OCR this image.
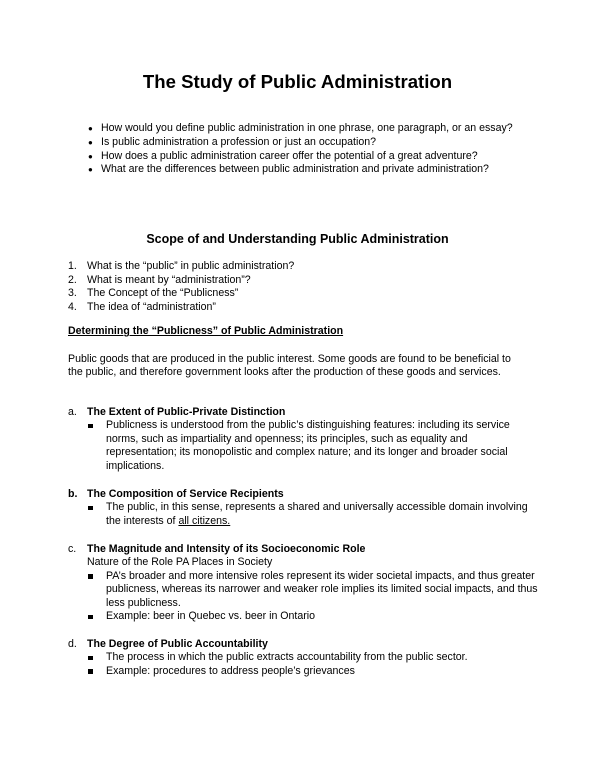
The Study of Public Administration
● How would you define public administration in one phrase, one paragraph, or an essay?
● Is public administration a profession or just an occupation?
● How does a public administration career offer the potential of a great adventure?
● What are the differences between public administration and private administration?
Scope of and Understanding Public Administration
1. What is the “public” in public administration?
2. What is meant by “administration”?
3. The Concept of the “Publicness”
4. The idea of “administration”
Determining the “Publicness” of Public Administration
Public goods that are produced in the public interest. Some goods are found to be beneficial to the public, and therefore government looks after the production of these goods and services.
a. The Extent of Public-Private Distinction
Publicness is understood from the public’s distinguishing features: including its service norms, such as impartiality and openness; its principles, such as equality and representation; its monopolistic and complex nature; and its longer and broader social implications.
b. The Composition of Service Recipients
The public, in this sense, represents a shared and universally accessible domain involving the interests of all citizens.
c. The Magnitude and Intensity of its Socioeconomic Role
Nature of the Role PA Places in Society
PA’s broader and more intensive roles represent its wider societal impacts, and thus greater publicness, whereas its narrower and weaker role implies its limited social impacts, and thus less publicness.
Example: beer in Quebec vs. beer in Ontario
d. The Degree of Public Accountability
The process in which the public extracts accountability from the public sector.
Example: procedures to address people’s grievances
